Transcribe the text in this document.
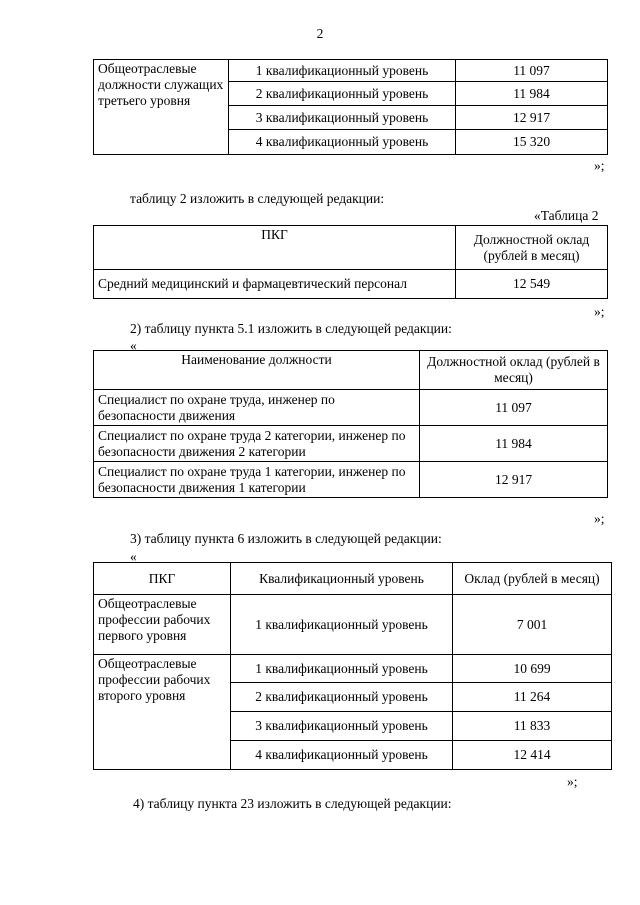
2
Общеотраслевые должности служащих третьего уровня	1 квалификационный уровень	11 097
	2 квалификационный уровень	11 984
	3 квалификационный уровень	12 917
	4 квалификационный уровень	15 320
»;
таблицу 2 изложить в следующей редакции:
«Таблица 2
ПКГ	Должностной оклад (рублей в месяц)
Средний медицинский и фармацевтический персонал	12 549
»;
2) таблицу пункта 5.1 изложить в следующей редакции:
«
Наименование должности	Должностной оклад (рублей в месяц)
Специалист по охране труда, инженер по безопасности движения	11 097
Специалист по охране труда 2 категории, инженер по безопасности движения 2 категории	11 984
Специалист по охране труда 1 категории, инженер по безопасности движения 1 категории	12 917
»;
3) таблицу пункта 6 изложить в следующей редакции:
«
ПКГ	Квалификационный уровень	Оклад (рублей в месяц)
Общеотраслевые профессии рабочих первого уровня	1 квалификационный уровень	7 001
Общеотраслевые профессии рабочих второго уровня	1 квалификационный уровень	10 699
	2 квалификационный уровень	11 264
	3 квалификационный уровень	11 833
	4 квалификационный уровень	12 414
»;
4) таблицу пункта 23 изложить в следующей редакции:
